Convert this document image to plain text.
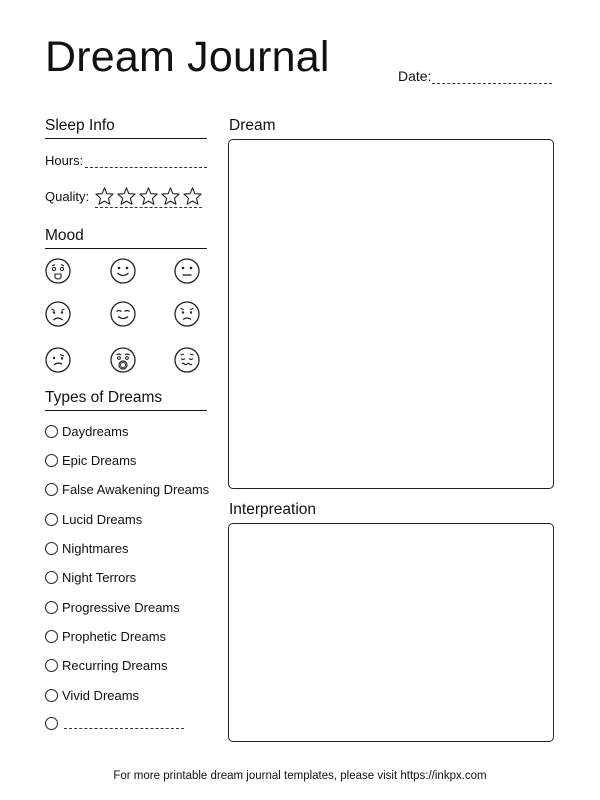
Dream Journal	Date:
Sleep Info
Hours:
Quality:
Mood
Types of Dreams
Daydreams
Epic Dreams
False Awakening Dreams
Lucid Dreams
Nightmares
Night Terrors
Progressive Dreams
Prophetic Dreams
Recurring Dreams
Vivid Dreams
Dream
Interpreation
For more printable dream journal templates, please visit https://inkpx.com
